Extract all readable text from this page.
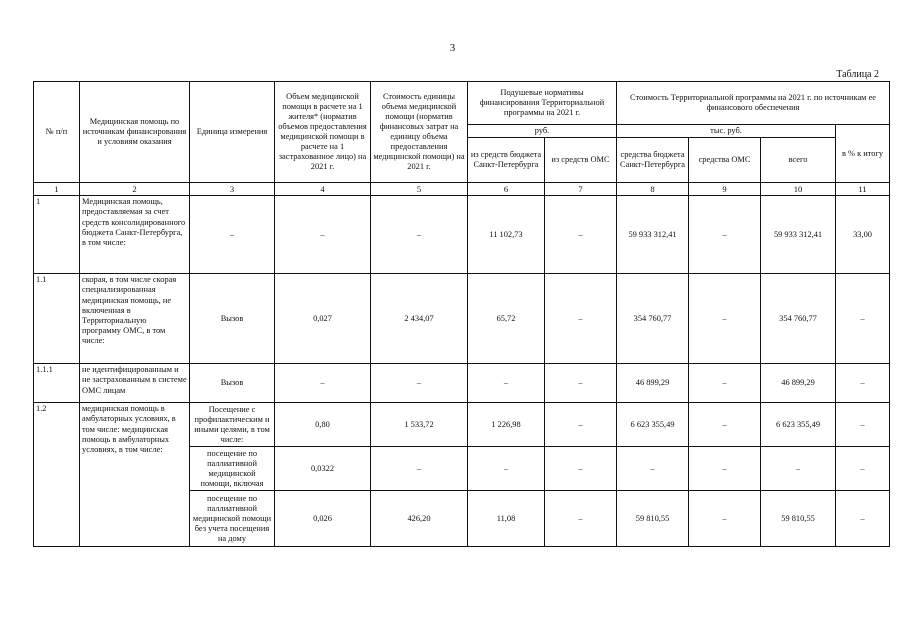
3
Таблица 2
№ п/п	Медицинская помощь по источникам финансирования и условиям оказания	Единица измерения	Объем медицинской помощи в расчете на 1 жителя* (норматив объемов предоставления медицинской помощи в расчете на 1 застрахованное лицо) на 2021 г.	Стоимость единицы объема медицинской помощи (норматив финансовых затрат на единицу объема предоставления медицинской помощи) на 2021 г.	Подушевые нормативы финансирования Территориальной программы на 2021 г.		Стоимость Территориальной программы на 2021 г. по источникам ее финансового обеспечения			
					руб.		тыс. руб.			в % к итогу
					из средств бюджета Санкт-Петербурга	из средств ОМС	средства бюджета Санкт-Петербурга	средства ОМС	всего	
1	2	3	4	5	6	7	8	9	10	11
1	Медицинская помощь, предоставляемая за счет средств консолидированного бюджета Санкт-Петербурга, в том числе:	–	–	–	11 102,73	–	59 933 312,41	–	59 933 312,41	33,00
1.1	скорая, в том числе скорая специализированная медицинская помощь, не включенная в Территориальную программу ОМС, в том числе:	Вызов	0,027	2 434,07	65,72	–	354 760,77	–	354 760,77	–
1.1.1	не идентифицированным и не застрахованным в системе ОМС лицам	Вызов	–	–	–	–	46 899,29	–	46 899,29	–
1.2	медицинская помощь в амбулаторных условиях, в том числе: медицинская помощь в амбулаторных условиях, в том числе:	Посещение с профилактическим и иными целями, в том числе:	0,80	1 533,72	1 226,98	–	6 623 355,49	–	6 623 355,49	–
		посещение по паллиативной медицинской помощи, включая	0,0322	–	–	–	–	–	–	–
		посещение по паллиативной медицинской помощи без учета посещения на дому	0,026	426,20	11,08	–	59 810,55	–	59 810,55	–
